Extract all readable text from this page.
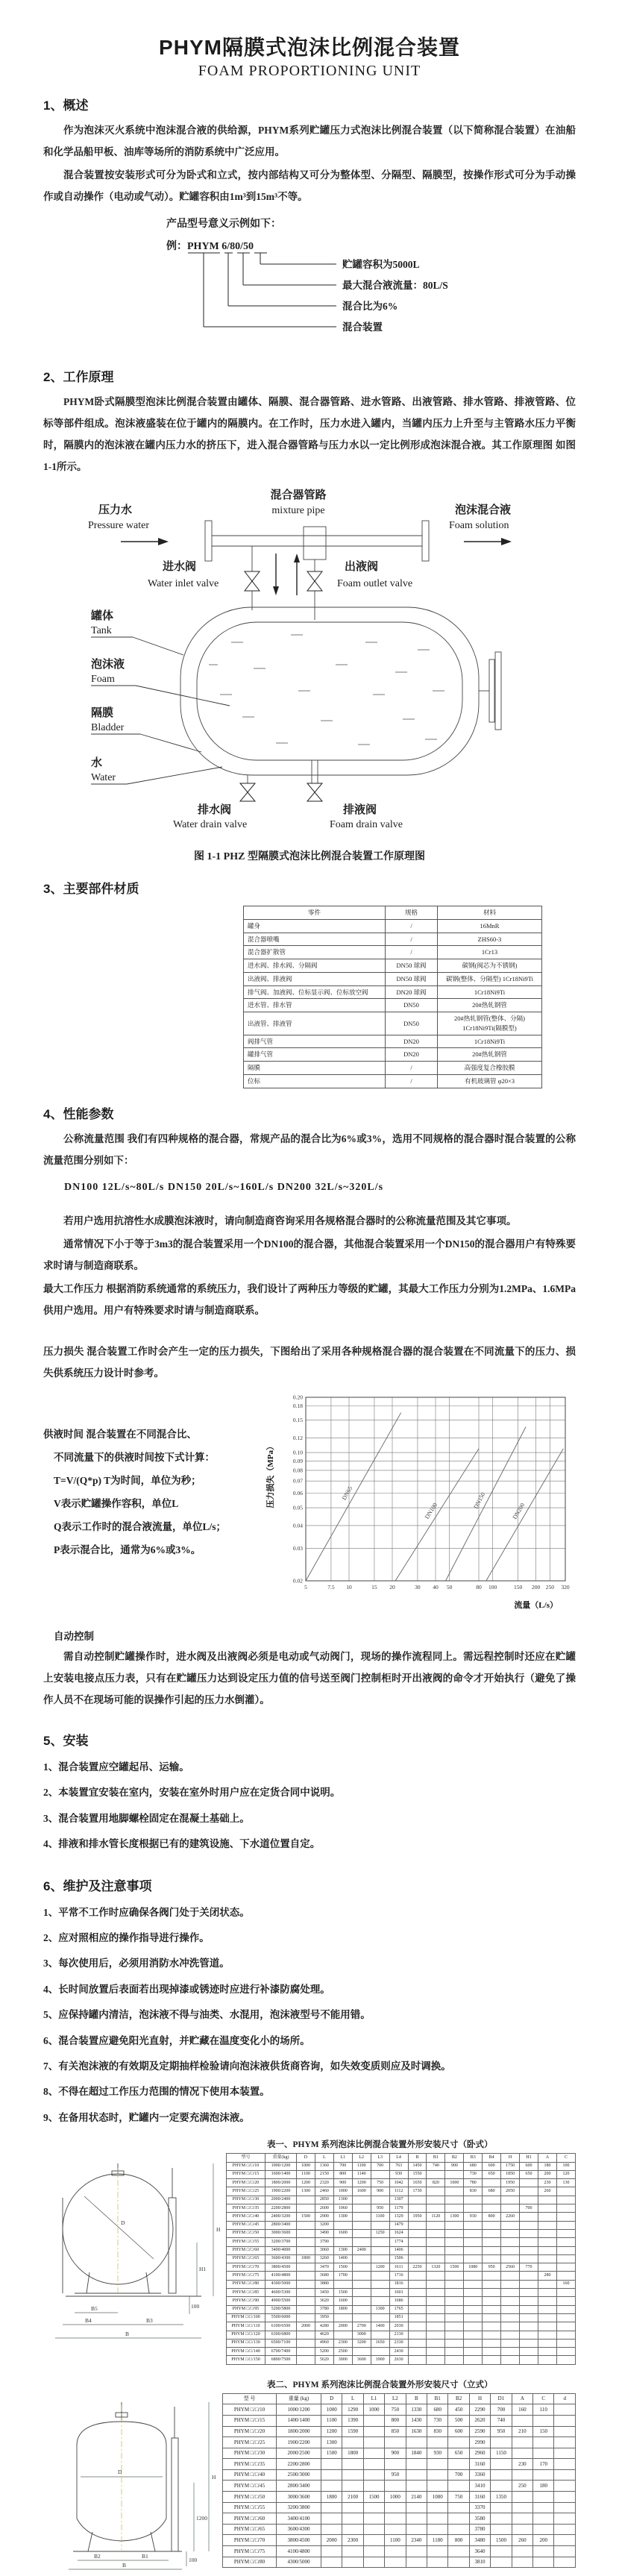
PHYM隔膜式泡沫比例混合装置
FOAM PROPORTIONING UNIT
1、概述
作为泡沫灭火系统中泡沫混合液的供给源，PHYM系列贮罐压力式泡沫比例混合装置（以下简称混合装置）在油船和化学品船甲板、油库等场所的消防系统中广泛应用。
混合装置按安装形式可分为卧式和立式，按内部结构又可分为整体型、分隔型、隔膜型，按操作形式可分为手动操作或自动操作（电动或气动）。贮罐容积由1m³到15m³不等。
产品型号意义示例如下：
例：PHYM 6/80/50
贮罐容积为5000L
最大混合液流量：80L/S
混合比为6%
混合装置
2、工作原理
PHYM卧式隔膜型泡沫比例混合装置由罐体、隔膜、混合器管路、进水管路、出液管路、排水管路、排液管路、位标等部件组成。泡沫液盛装在位于罐内的隔膜内。在工作时，压力水进入罐内，当罐内压力上升至与主管路水压力平衡时，隔膜内的泡沫液在罐内压力水的挤压下，进入混合器管路与压力水以一定比例形成泡沫混合液。其工作原理图 如图1-1所示。
混合器管路
mixture pipe
压力水
Pressure water
泡沫混合液
Foam solution
进水阀
Water inlet valve
出液阀
Foam outlet valve
排水阀
Water drain valve
排液阀
Foam drain valve
罐体
Tank
泡沫液
Foam
隔膜
Bladder
水
Water
图 1-1 PHZ 型隔膜式泡沫比例混合装置工作原理图
3、主要部件材质
零件	规格	材料
罐身	/	16MnR
混合器喷嘴	/	ZHS60-3
混合器扩散管	/	1Cr13
进水阀、排水阀、分隔阀	DN50 球阀	碳钢(阀芯为不锈钢)
出液阀、排液阀	DN50 球阀	碳钢(整体、分隔型) 1Cr18Ni9Ti
排气阀、加液阀、位标显示阀、位标放空阀	DN20 球阀	1Cr18Ni9Ti
进水管、排水管	DN50	20#热轧钢管
出液管、排液管	DN50	20#热轧钢管(整体、分隔) 1Cr18Ni9Ti(隔膜型)
阀排气管	DN20	1Cr18Ni9Ti
罐排气管	DN20	20#热轧钢管
隔膜	/	高强度复合橡胶膜
位标	/	有机玻璃管 φ20×3
4、性能参数
公称流量范围 我们有四种规格的混合器，常规产品的混合比为6%或3%，选用不同规格的混合器时混合装置的公称流量范围分别如下：
DN100 12L/s~80L/s DN150 20L/s~160L/s DN200 32L/s~320L/s
若用户选用抗溶性水成膜泡沫液时，请向制造商咨询采用各规格混合器时的公称流量范围及其它事项。
通常情况下小于等于3m3的混合装置采用一个DN100的混合器，其他混合装置采用一个DN150的混合器用户有特殊要求时请与制造商联系。
最大工作压力 根据消防系统通常的系统压力，我们设计了两种压力等级的贮罐，其最大工作压力分别为1.2MPa、1.6MPa供用户选用。用户有特殊要求时请与制造商联系。
压力损失 混合装置工作时会产生一定的压力损失，下图给出了采用各种规格混合器的混合装置在不同流量下的压力、损失供系统压力设计时参考。
供液时间 混合装置在不同混合比、
不同流量下的供液时间按下式计算：
T=V/(Q*p) T为时间，单位为秒；
V表示贮罐操作容积，单位L
Q表示工作时的混合液流量，单位L/s；
P表示混合比，通常为6%或3%。
0.02
0.03
0.04
0.05
0.06
0.07
0.08
0.09
0.10
0.12
0.15
0.18
0.20
5	7.5 10	15 20	30 40 50	80 100	150 200 250 320
DN65
DN100
DN150
DN200
压力损失（MPa）
流量（L/s）
自动控制
需自动控制贮罐操作时，进水阀及出液阀必须是电动或气动阀门，现场的操作流程同上。需远程控制时还应在贮罐上安装电接点压力表，只有在贮罐压力达到设定压力值的信号送至阀门控制柜时开出液阀的命令才开始执行（避免了操作人员不在现场可能的误操作引起的压力水倒灌）。
5、安装
1、混合装置应空罐起吊、运输。
2、本装置宜安装在室内，安装在室外时用户应在定货合同中说明。
3、混合装置用地脚螺栓固定在混凝土基础上。
4、排液和排水管长度根据已有的建筑设施、下水道位置自定。
6、维护及注意事项
1、平常不工作时应确保各阀门处于关闭状态。
2、应对照相应的操作指导进行操作。
3、每次使用后，必须用消防水冲洗管道。
4、长时间放置后表面若出现掉漆或锈迹时应进行补漆防腐处理。
5、应保持罐内清洁，泡沫液不得与油类、水混用，泡沫液型号不能用错。
6、混合装置应避免阳光直射，并贮藏在温度变化小的场所。
7、有关泡沫液的有效期及定期抽样检验请向泡沫液供货商咨询，如失效变质则应及时调换。
8、不得在超过工作压力范围的情况下使用本装置。
9、在备用状态时，贮罐内一定要充满泡沫液。
表一、PHYM 系列泡沫比例混合装置外形安装尺寸（卧式）
D
H
H1
100
B5
B4	B3
B
型号	重量(kg)	D	L	L1	L2	L3	L4	B	B1	B2	B3	B4	H	H1	A	C
PHYM □/□/10	1000/1200	1000	1360	700	1100	700	763	1450	740	900	680	600	1750	600	180	100
PHYM □/□/15	1600/1400	1100	2150	800	1140		930	1550			730	650	1850	650	200	120
PHYM □/□/20	1800/2000	1200	2320	900	1200	750	1042	1650	820	1000	780		1950		230	130
PHYM □/□/25	1900/2200	1300	2460	1000	1600	900	1112	1730			830	680	2050		260	
PHYM □/□/30	2000/2400		2850	1300			1307									
PHYM □/□/35	2200/2800		2600	1060		950	1179							700		
PHYM □/□/40	2400/3200	1500	2900	1300		1100	1329	1950	1120	1300	930	800	2260			
PHYM □/□/45	2800/3400		3200				1479									
PHYM □/□/50	3000/3600		3490	1600		1250	1624									
PHYM □/□/55	3200/3700		3790				1774									
PHYM □/□/60	3400/4000		3060	1300	2400		1406									
PHYM □/□/65	3600/4300	1800	3260	1400			1506									
PHYM □/□/70	3800/4500		3470	1500		1200	1611	2250	1320	1500	1080	950	2560	770		
PHYM □/□/75	4100/4800		3680	1700			1716								280	
PHYM □/□/80	4300/5000		3880				1816									160
PHYM □/□/85	4600/5300		3450	1500			1601									
PHYM □/□/90	4900/5500		3620	1600			1686									
PHYM □/□/95	5200/5800		3780	1800		1300	1765									
PHYM □/□/100	5500/6000		3950				1851									
PHYM □/□/110	6100/6500	2000	4280	2000	2700	1400	2030									
PHYM □/□/120	6300/6800		4620		3000		2130									
PHYM □/□/130	6500/7100		4960	2300	3200	1650	2330									
PHYM □/□/140	6700/7400		5200	2500			2430									
PHYM □/□/150	6800/7500		5620	3000	3600	1900	2630									
表二、PHYM 系列泡沫比例混合装置外形安装尺寸（立式）
D
H
1200
100
B2	B1
B
型 号	重量 (kg)	D	L	L1	L2	B	B1	B2	H	D1	A	C	d
PHYM □/□/10	1000/1200	1000	1290	1000	750	1330	680	450	2290	700	160	110	
PHYM □/□/15	1400/1400	1100	1390		800	1430	730	500	2620	740			
PHYM □/□/20	1800/2000	1200	1590		850	1630	830	600	2590	950	210	150	
PHYM □/□/25	1900/2200	1300							2990				
PHYM □/□/30	2000/2500	1500	1800		900	1840	930	650	2960	1150			
PHYM □/□/35	2200/2800								3160		230	170	
PHYM □/□/40	2500/3000				950			700	3360				
PHYM □/□/45	2800/3400								3410		250	180	
PHYM □/□/50	3000/3600	1800	2100	1500	1000	2140	1080	750	3160	1350			
PHYM □/□/55	3200/3800								3370				
PHYM □/□/60	3400/4100								3580				
PHYM □/□/65	3600/4300								3780				
PHYM □/□/70	3800/4500	2000	2300		1100	2340	1180	800	3480	1500	260	200	
PHYM □/□/75	4100/4800								3640				
PHYM □/□/80	4300/5000								3810				
